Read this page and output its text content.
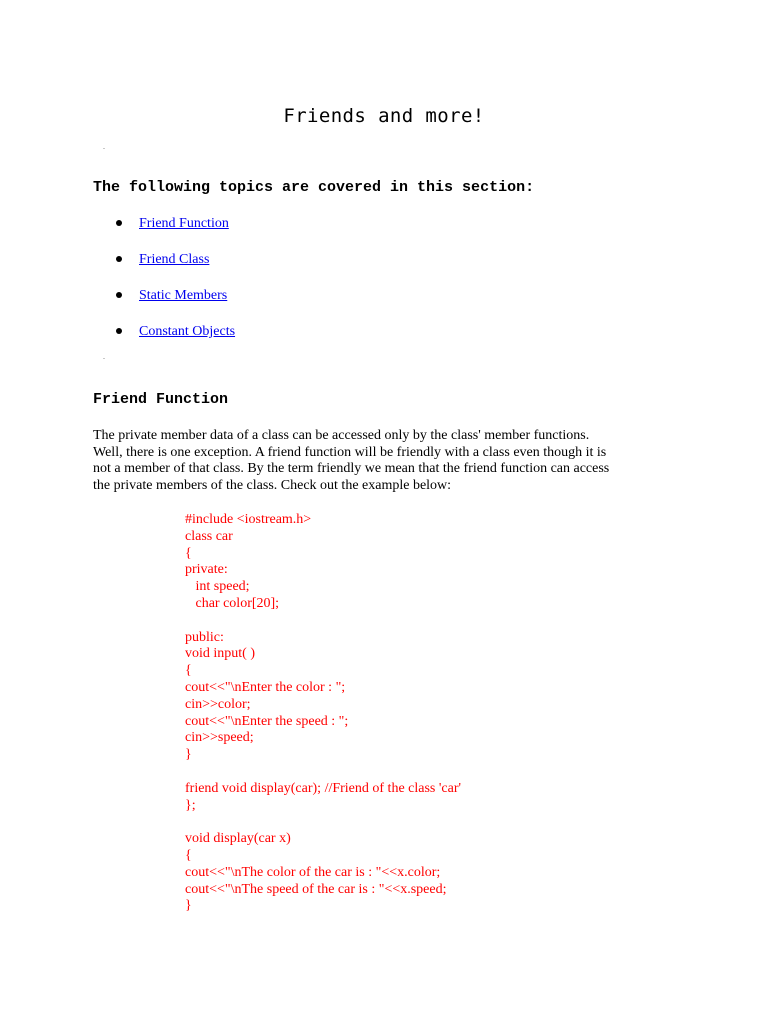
Friends and more!
The following topics are covered in this section:
Friend Function
Friend Class
Static Members
Constant Objects
Friend Function
The private member data of a class can be accessed only by the class' member functions.
Well, there is one exception. A friend function will be friendly with a class even though it is
not a member of that class. By the term friendly we mean that the friend function can access
the private members of the class. Check out the example below:
#include <iostream.h>
class car
{
private:
int speed;
char color[20];
public:
void input( )
{
cout<<"\nEnter the color : ";
cin>>color;
cout<<"\nEnter the speed : ";
cin>>speed;
}
friend void display(car); //Friend of the class 'car'
};
void display(car x)
{
cout<<"\nThe color of the car is : "<<x.color;
cout<<"\nThe speed of the car is : "<<x.speed;
}
